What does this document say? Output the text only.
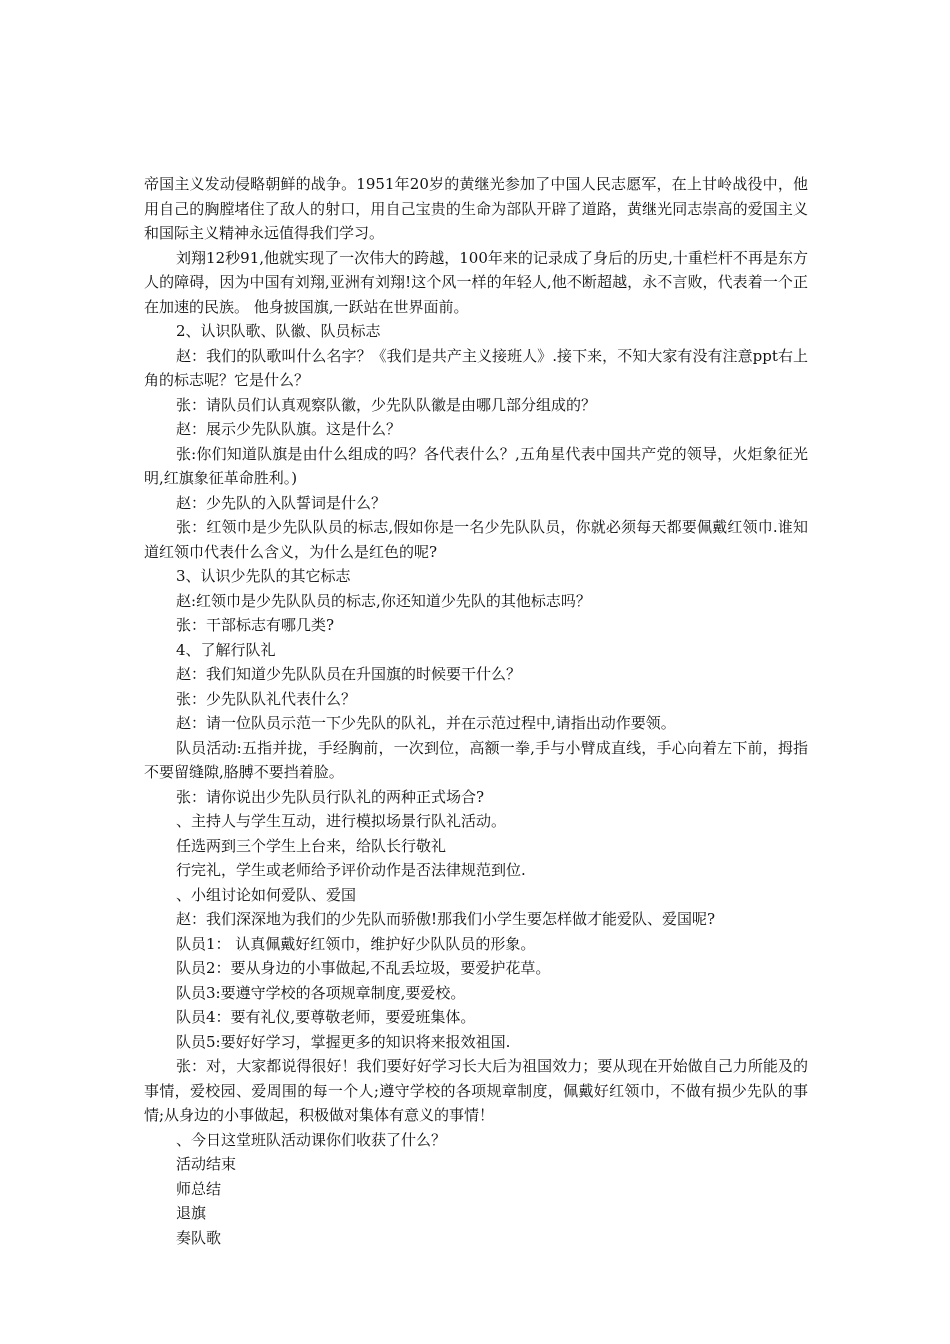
帝国主义发动侵略朝鲜的战争。1951年20岁的黄继光参加了中国人民志愿军，在上甘岭战役中，他用自己的胸膛堵住了敌人的射口，用自己宝贵的生命为部队开辟了道路，黄继光同志崇高的爱国主义和国际主义精神永远值得我们学习。

刘翔12秒91,他就实现了一次伟大的跨越，100年来的记录成了身后的历史,十重栏杆不再是东方人的障碍，因为中国有刘翔,亚洲有刘翔!这个风一样的年轻人,他不断超越，永不言败，代表着一个正在加速的民族。 他身披国旗,一跃站在世界面前。

2、认识队歌、队徽、队员标志

赵：我们的队歌叫什么名字？《我们是共产主义接班人》.接下来，不知大家有没有注意ppt右上角的标志呢？它是什么？

张：请队员们认真观察队徽，少先队队徽是由哪几部分组成的？

赵：展示少先队队旗。这是什么？

张:你们知道队旗是由什么组成的吗？各代表什么？,五角星代表中国共产党的领导，火炬象征光明,红旗象征革命胜利。)

赵：少先队的入队誓词是什么？

张：红领巾是少先队队员的标志,假如你是一名少先队队员，你就必须每天都要佩戴红领巾.谁知道红领巾代表什么含义，为什么是红色的呢?

3、认识少先队的其它标志

赵:红领巾是少先队队员的标志,你还知道少先队的其他标志吗？

张：干部标志有哪几类?

4、了解行队礼

赵：我们知道少先队队员在升国旗的时候要干什么？

张：少先队队礼代表什么？

赵：请一位队员示范一下少先队的队礼，并在示范过程中,请指出动作要领。

队员活动:五指并拢，手经胸前，一次到位，高额一拳,手与小臂成直线，手心向着左下前，拇指不要留缝隙,胳膊不要挡着脸。

张：请你说出少先队员行队礼的两种正式场合?

、主持人与学生互动，进行模拟场景行队礼活动。

任选两到三个学生上台来，给队长行敬礼

行完礼，学生或老师给予评价动作是否法律规范到位.

、小组讨论如何爱队、爱国

赵：我们深深地为我们的少先队而骄傲!那我们小学生要怎样做才能爱队、爱国呢?

队员1： 认真佩戴好红领巾，维护好少队队员的形象。

队员2：要从身边的小事做起,不乱丢垃圾，要爱护花草。

队员3:要遵守学校的各项规章制度,要爱校。

队员4：要有礼仪,要尊敬老师，要爱班集体。

队员5:要好好学习，掌握更多的知识将来报效祖国.

张：对，大家都说得很好！我们要好好学习长大后为祖国效力；要从现在开始做自己力所能及的事情，爱校园、爱周围的每一个人;遵守学校的各项规章制度，佩戴好红领巾，不做有损少先队的事情;从身边的小事做起，积极做对集体有意义的事情！

、今日这堂班队活动课你们收获了什么？

活动结束

师总结

退旗

奏队歌
